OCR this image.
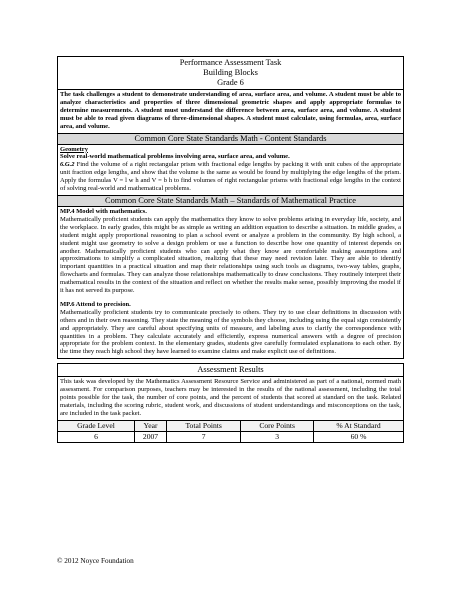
Performance Assessment Task
Building Blocks
Grade 6
The task challenges a student to demonstrate understanding of area, surface area, and volume. A student must be able to analyze characteristics and properties of three dimensional geometric shapes and apply appropriate formulas to determine measurements. A student must understand the difference between area, surface area, and volume. A student must be able to read given diagrams of three-dimensional shapes. A student must calculate, using formulas, area, surface area, and volume.
Common Core State Standards Math - Content Standards
Geometry
Solve real-world mathematical problems involving area, surface area, and volume.
6.G.2 Find the volume of a right rectangular prism with fractional edge lengths by packing it with unit cubes of the appropriate unit fraction edge lengths, and show that the volume is the same as would be found by multiplying the edge lengths of the prism. Apply the formulas V = l w h and V = b h to find volumes of right rectangular prisms with fractional edge lengths in the context of solving real-world and mathematical problems.
Common Core State Standards Math – Standards of Mathematical Practice
MP.4 Model with mathematics.
Mathematically proficient students can apply the mathematics they know to solve problems arising in everyday life, society, and the workplace. In early grades, this might be as simple as writing an addition equation to describe a situation. In middle grades, a student might apply proportional reasoning to plan a school event or analyze a problem in the community. By high school, a student might use geometry to solve a design problem or use a function to describe how one quantity of interest depends on another. Mathematically proficient students who can apply what they know are comfortable making assumptions and approximations to simplify a complicated situation, realizing that these may need revision later. They are able to identify important quantities in a practical situation and map their relationships using such tools as diagrams, two-way tables, graphs, flowcharts and formulas. They can analyze those relationships mathematically to draw conclusions. They routinely interpret their mathematical results in the context of the situation and reflect on whether the results make sense, possibly improving the model if it has not served its purpose.
MP.6 Attend to precision.
Mathematically proficient students try to communicate precisely to others. They try to use clear definitions in discussion with others and in their own reasoning. They state the meaning of the symbols they choose, including using the equal sign consistently and appropriately. They are careful about specifying units of measure, and labeling axes to clarify the correspondence with quantities in a problem. They calculate accurately and efficiently, express numerical answers with a degree of precision appropriate for the problem context. In the elementary grades, students give carefully formulated explanations to each other. By the time they reach high school they have learned to examine claims and make explicit use of definitions.
Assessment Results
This task was developed by the Mathematics Assessment Resource Service and administered as part of a national, normed math assessment. For comparison purposes, teachers may be interested in the results of the national assessment, including the total points possible for the task, the number of core points, and the percent of students that scored at standard on the task. Related materials, including the scoring rubric, student work, and discussions of student understandings and misconceptions on the task, are included in the task packet.
Grade Level	Year	Total Points	Core Points	% At Standard
6	2007	7	3	60 %
© 2012 Noyce Foundation
